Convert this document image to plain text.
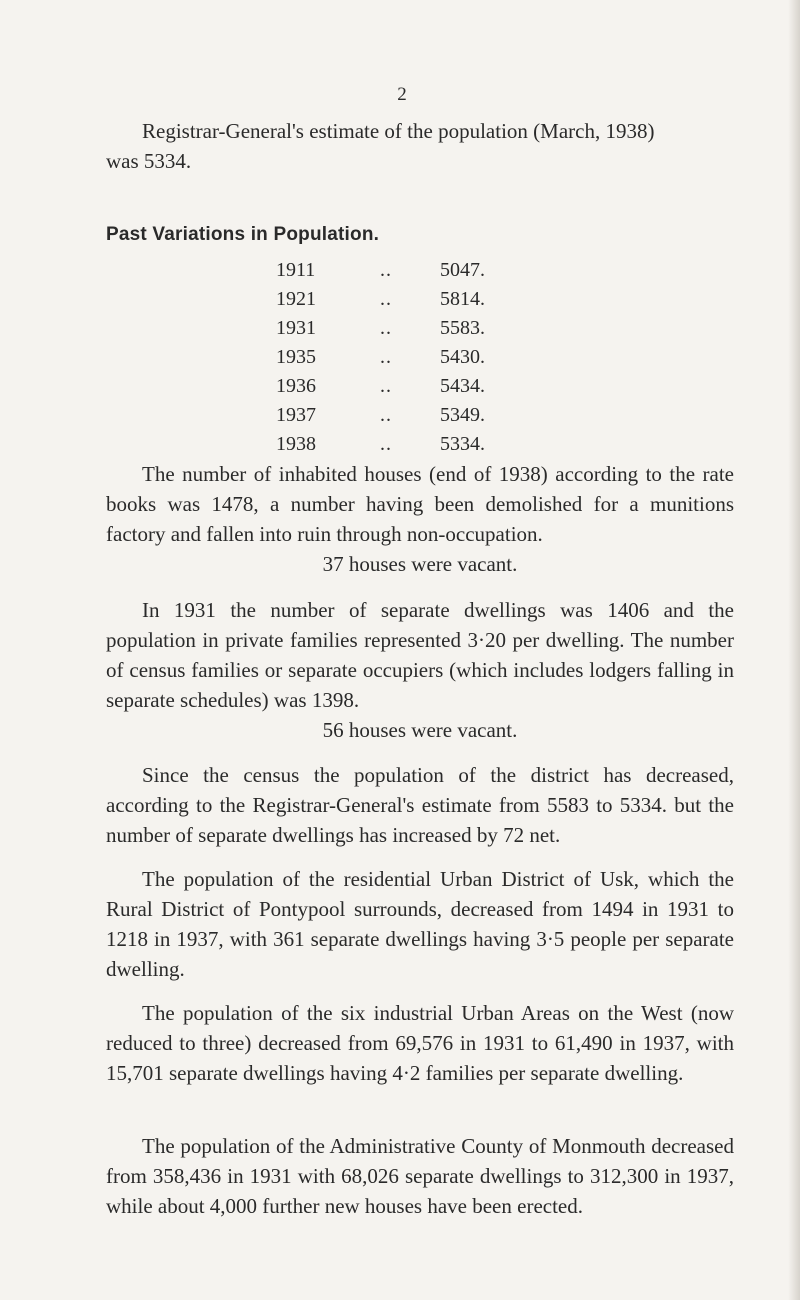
2

Registrar-General's estimate of the population (March, 1938)
was 5334.

Past Variations in Population.
1911	..	5047.
1921	..	5814.
1931	..	5583.
1935	..	5430.
1936	..	5434.
1937	..	5349.
1938	..	5334.

The number of inhabited houses (end of 1938) according to the rate books was 1478, a number having been demolished for a munitions factory and fallen into ruin through non-occupation.
37 houses were vacant.

In 1931 the number of separate dwellings was 1406 and the population in private families represented 3·20 per dwelling. The number of census families or separate occupiers (which includes lodgers falling in separate schedules) was 1398.
56 houses were vacant.

Since the census the population of the district has decreased, according to the Registrar-General's estimate from 5583 to 5334. but the number of separate dwellings has increased by 72 net.

The population of the residential Urban District of Usk, which the Rural District of Pontypool surrounds, decreased from 1494 in 1931 to 1218 in 1937, with 361 separate dwellings having 3·5 people per separate dwelling.

The population of the six industrial Urban Areas on the West (now reduced to three) decreased from 69,576 in 1931 to 61,490 in 1937, with 15,701 separate dwellings having 4·2 families per separate dwelling.

The population of the Administrative County of Monmouth decreased from 358,436 in 1931 with 68,026 separate dwellings to 312,300 in 1937, while about 4,000 further new houses have been erected.
